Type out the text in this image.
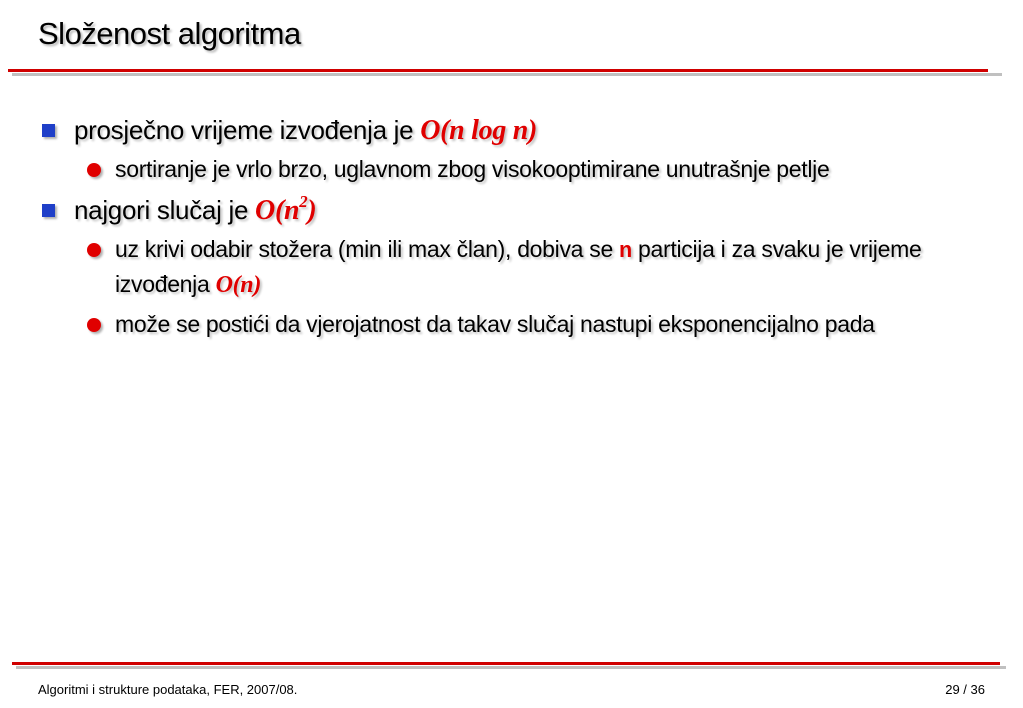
Složenost algoritma
prosječno vrijeme izvođenja je O(n log n)
sortiranje je vrlo brzo, uglavnom zbog visokooptimirane unutrašnje petlje
najgori slučaj je $O(n^2)$
uz krivi odabir stožera (min ili max član), dobiva se n particija i za svaku je vrijeme izvođenja O(n)
može se postići da vjerojatnost da takav slučaj nastupi eksponencijalno pada
Algoritmi i strukture podataka, FER, 2007/08.	29 / 36
